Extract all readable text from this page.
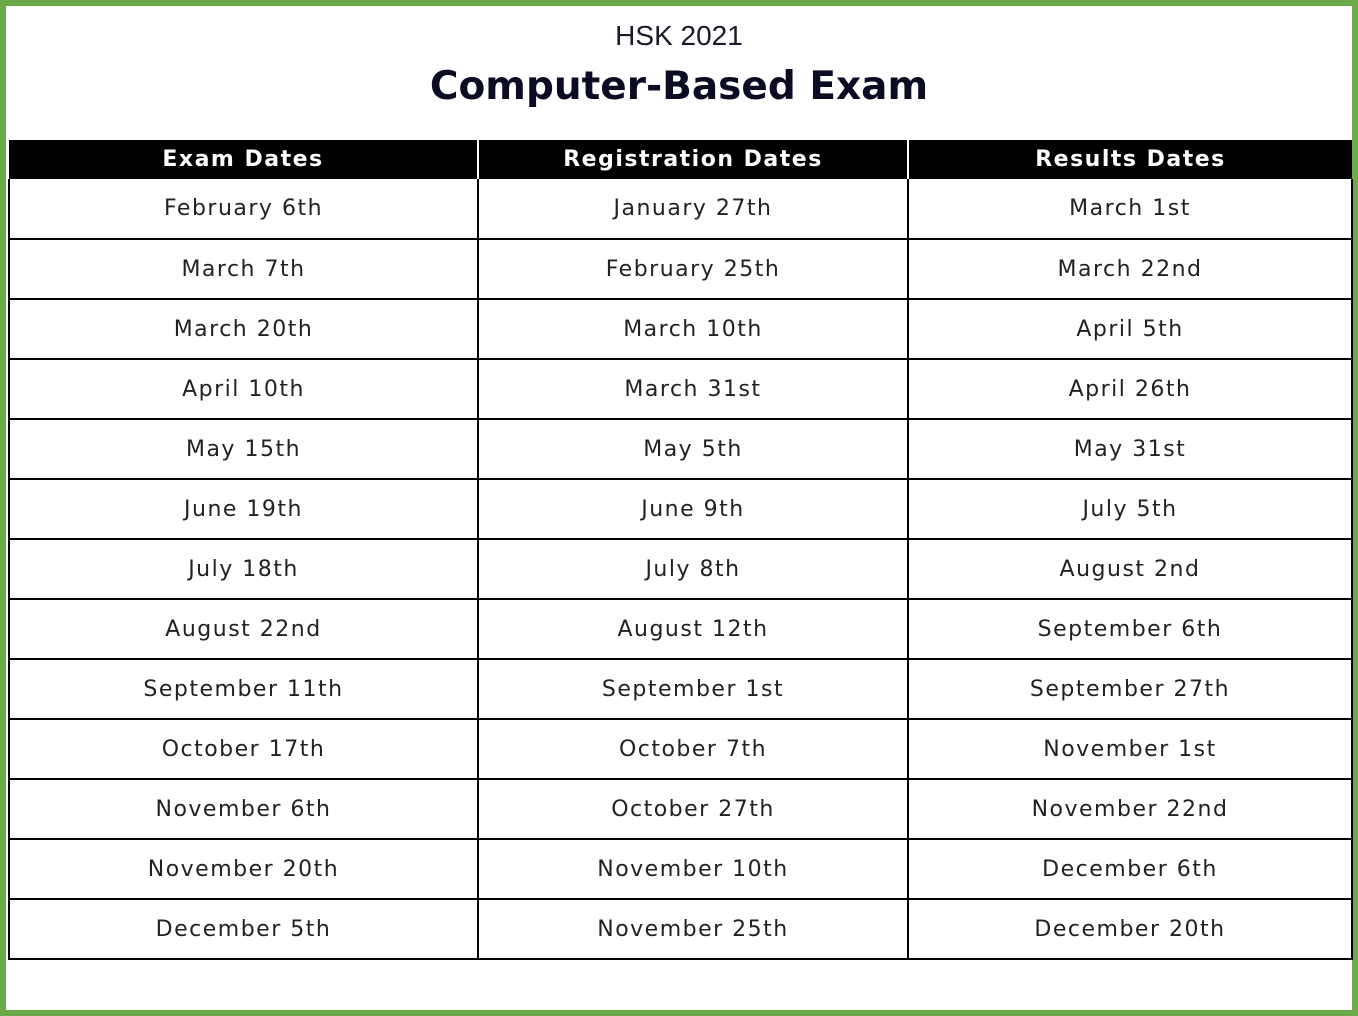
HSK 2021
Computer-Based Exam
Exam Dates	Registration Dates	Results Dates
February 6th	January 27th	March 1st
March 7th	February 25th	March 22nd
March 20th	March 10th	April 5th
April 10th	March 31st	April 26th
May 15th	May 5th	May 31st
June 19th	June 9th	July 5th
July 18th	July 8th	August 2nd
August 22nd	August 12th	September 6th
September 11th	September 1st	September 27th
October 17th	October 7th	November 1st
November 6th	October 27th	November 22nd
November 20th	November 10th	December 6th
December 5th	November 25th	December 20th
